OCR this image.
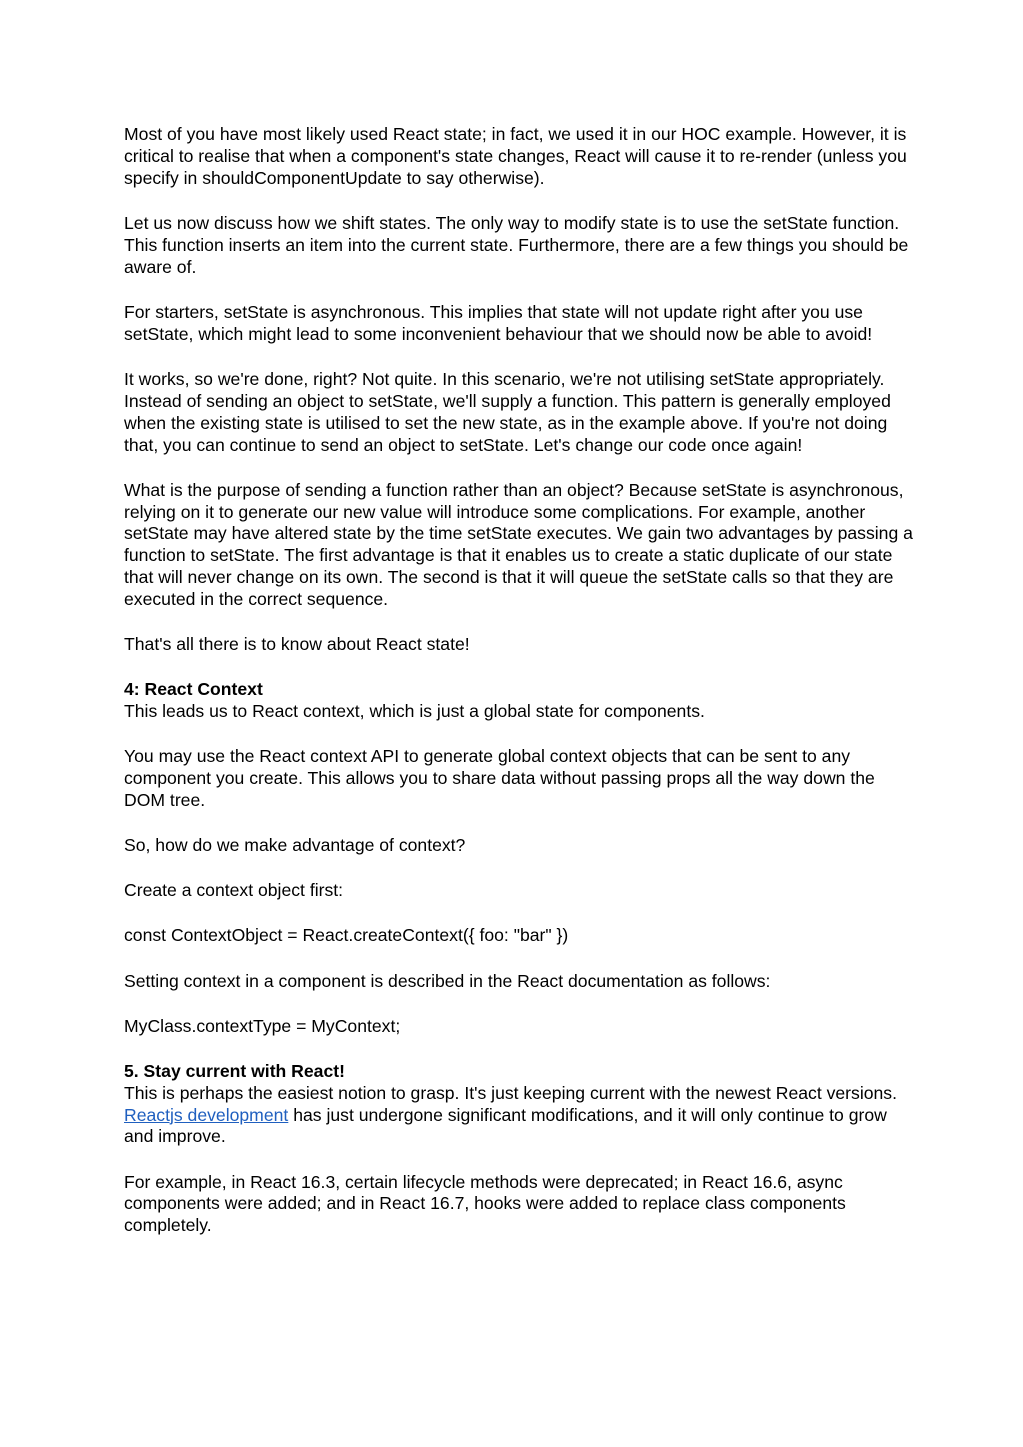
Most of you have most likely used React state; in fact, we used it in our HOC example. However, it is critical to realise that when a component's state changes, React will cause it to re-render (unless you specify in shouldComponentUpdate to say otherwise).

Let us now discuss how we shift states. The only way to modify state is to use the setState function. This function inserts an item into the current state. Furthermore, there are a few things you should be aware of.

For starters, setState is asynchronous. This implies that state will not update right after you use setState, which might lead to some inconvenient behaviour that we should now be able to avoid!

It works, so we're done, right? Not quite. In this scenario, we're not utilising setState appropriately. Instead of sending an object to setState, we'll supply a function. This pattern is generally employed when the existing state is utilised to set the new state, as in the example above. If you're not doing that, you can continue to send an object to setState. Let's change our code once again!

What is the purpose of sending a function rather than an object? Because setState is asynchronous, relying on it to generate our new value will introduce some complications. For example, another setState may have altered state by the time setState executes. We gain two advantages by passing a function to setState. The first advantage is that it enables us to create a static duplicate of our state that will never change on its own. The second is that it will queue the setState calls so that they are executed in the correct sequence.

That's all there is to know about React state!

4: React Context
This leads us to React context, which is just a global state for components.

You may use the React context API to generate global context objects that can be sent to any component you create. This allows you to share data without passing props all the way down the DOM tree.

So, how do we make advantage of context?

Create a context object first:

const ContextObject = React.createContext({ foo: "bar" })

Setting context in a component is described in the React documentation as follows:

MyClass.contextType = MyContext;

5. Stay current with React!
This is perhaps the easiest notion to grasp. It's just keeping current with the newest React versions. Reactjs development has just undergone significant modifications, and it will only continue to grow and improve.

For example, in React 16.3, certain lifecycle methods were deprecated; in React 16.6, async components were added; and in React 16.7, hooks were added to replace class components completely.
